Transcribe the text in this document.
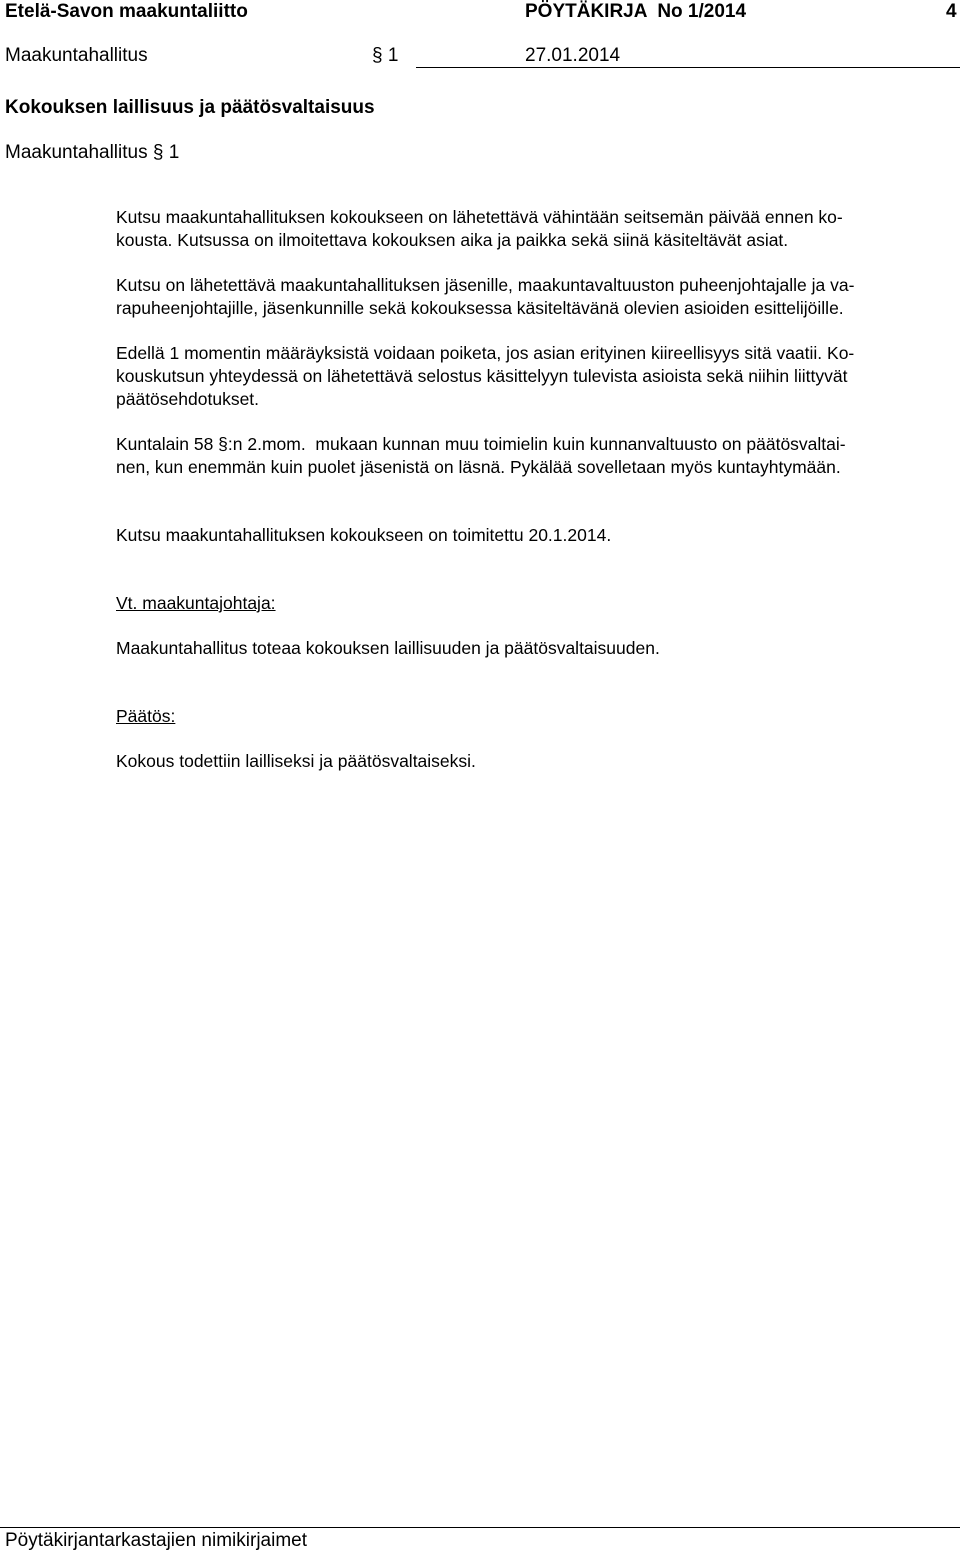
Etelä-Savon maakuntaliitto	PÖYTÄKIRJA  No 1/2014	4
Maakuntahallitus	§ 1	27.01.2014
Kokouksen laillisuus ja päätösvaltaisuus
Maakuntahallitus § 1

Kutsu maakuntahallituksen kokoukseen on lähetettävä vähintään seitsemän päivää ennen ko-

kousta. Kutsussa on ilmoitettava kokouksen aika ja paikka sekä siinä käsiteltävät asiat.

Kutsu on lähetettävä maakuntahallituksen jäsenille, maakuntavaltuuston puheenjohtajalle ja va-

rapuheenjohtajille, jäsenkunnille sekä kokouksessa käsiteltävänä olevien asioiden esittelijöille.

Edellä 1 momentin määräyksistä voidaan poiketa, jos asian erityinen kiireellisyys sitä vaatii. Ko-

kouskutsun yhteydessä on lähetettävä selostus käsittelyyn tulevista asioista sekä niihin liittyvät

päätösehdotukset.

Kuntalain 58 §:n 2.mom.  mukaan kunnan muu toimielin kuin kunnanvaltuusto on päätösvaltai-

nen, kun enemmän kuin puolet jäsenistä on läsnä. Pykälää sovelletaan myös kuntayhtymään.

Kutsu maakuntahallituksen kokoukseen on toimitettu 20.1.2014.

Vt. maakuntajohtaja:
Maakuntahallitus toteaa kokouksen laillisuuden ja päätösvaltaisuuden.
Päätös:
Kokous todettiin lailliseksi ja päätösvaltaiseksi.
Pöytäkirjantarkastajien nimikirjaimet
